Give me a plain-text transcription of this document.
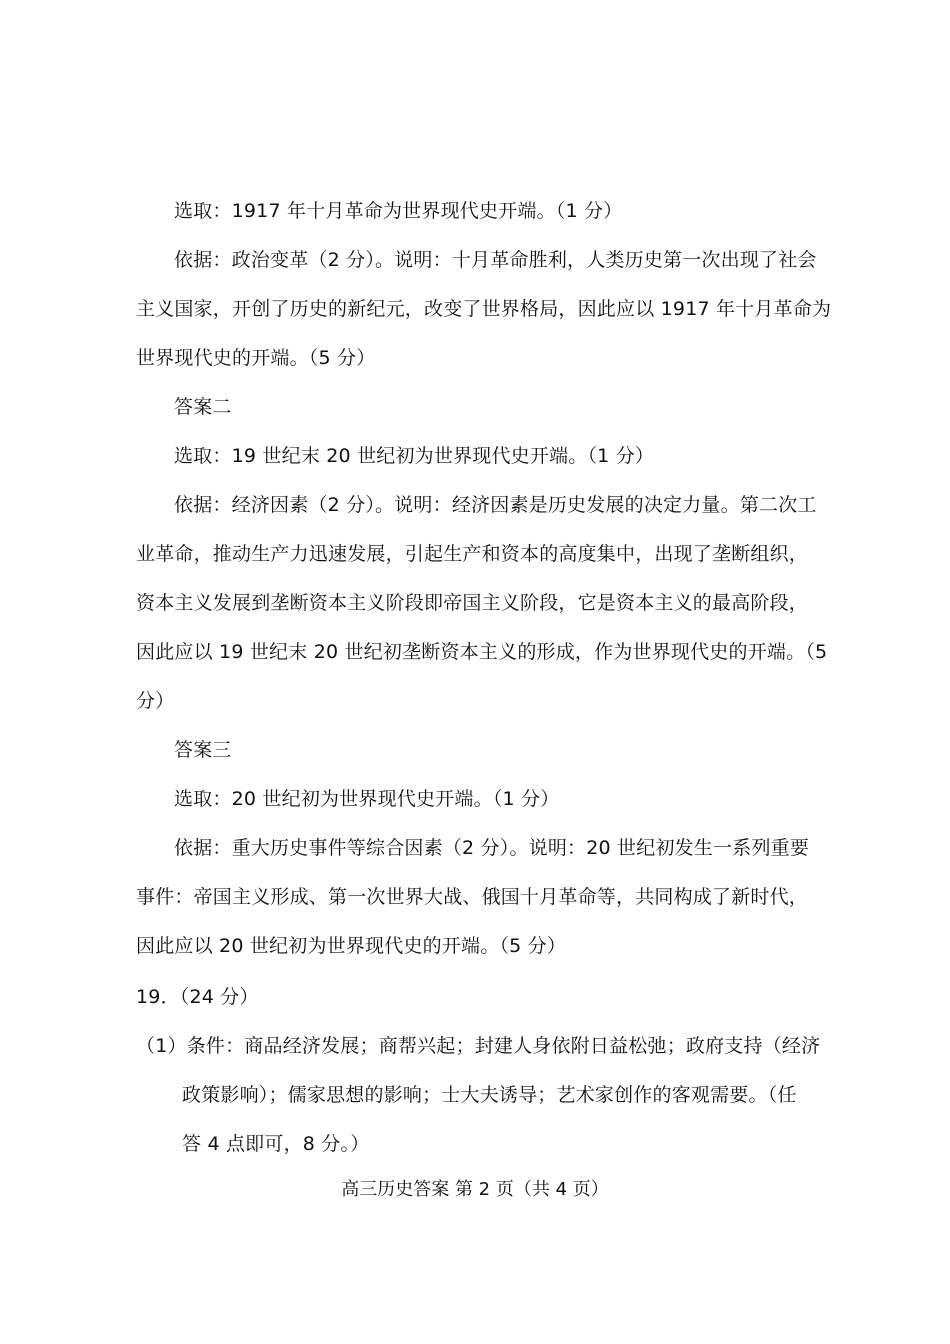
选取：1917 年十月革命为世界现代史开端。（1 分）
依据：政治变革（2 分）。说明：十月革命胜利，人类历史第一次出现了社会
主义国家，开创了历史的新纪元，改变了世界格局，因此应以 1917 年十月革命为
世界现代史的开端。（5 分）
答案二
选取：19 世纪末 20 世纪初为世界现代史开端。（1 分）
依据：经济因素（2 分）。说明：经济因素是历史发展的决定力量。第二次工
业革命，推动生产力迅速发展，引起生产和资本的高度集中，出现了垄断组织，
资本主义发展到垄断资本主义阶段即帝国主义阶段，它是资本主义的最高阶段，
因此应以 19 世纪末 20 世纪初垄断资本主义的形成，作为世界现代史的开端。（5
分）
答案三
选取：20 世纪初为世界现代史开端。（1 分）
依据：重大历史事件等综合因素（2 分）。说明：20 世纪初发生一系列重要
事件：帝国主义形成、第一次世界大战、俄国十月革命等，共同构成了新时代，
因此应以 20 世纪初为世界现代史的开端。（5 分）
19．（24 分）
（1）条件：商品经济发展；商帮兴起；封建人身依附日益松弛；政府支持（经济
政策影响）；儒家思想的影响；士大夫诱导；艺术家创作的客观需要。（任
答 4 点即可，8 分。）
高三历史答案 第 2 页（共 4 页）
